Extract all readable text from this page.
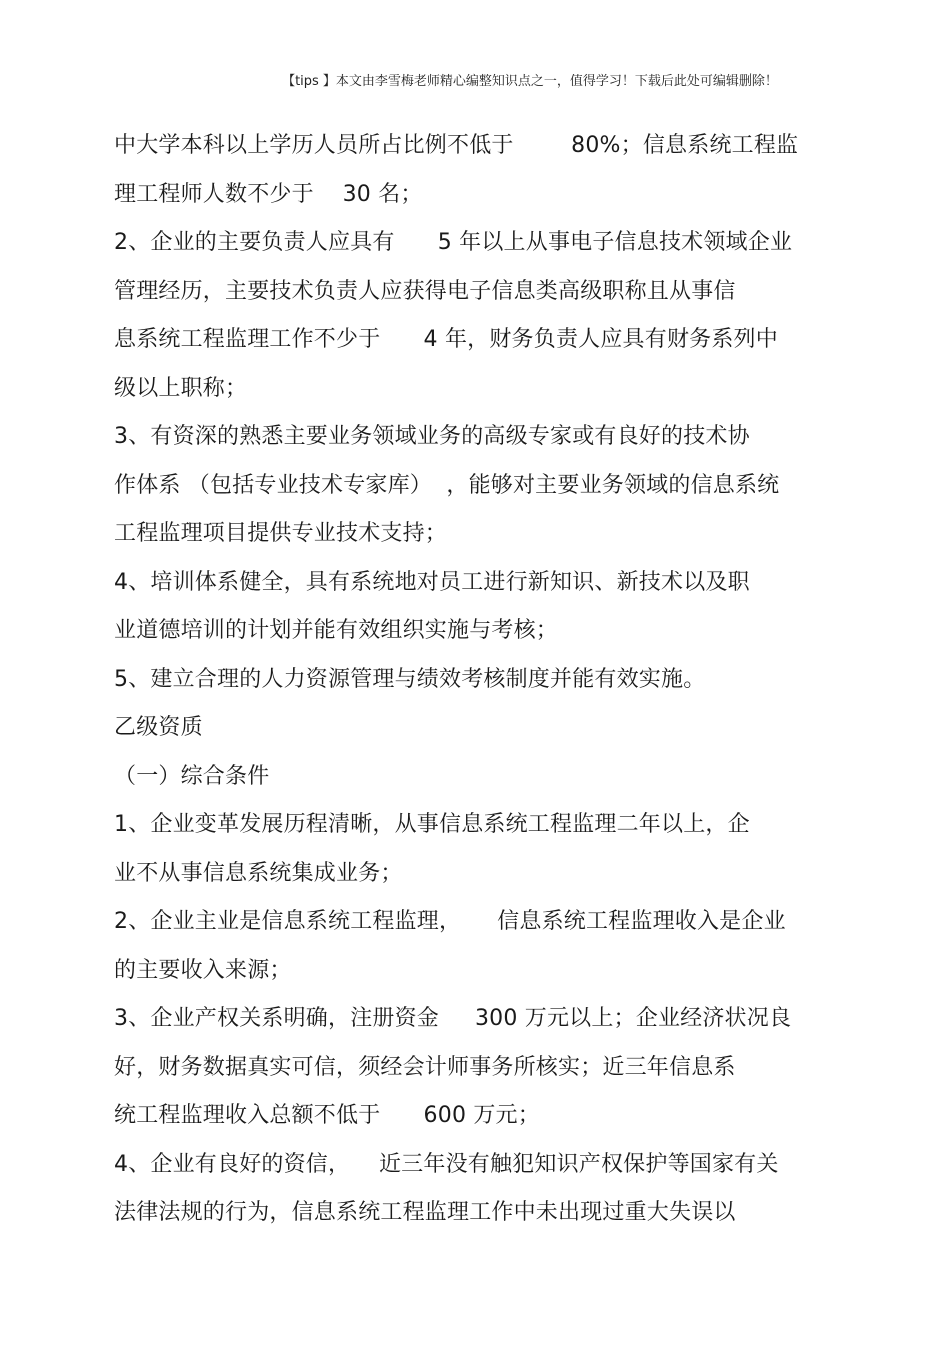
【tips 】本文由李雪梅老师精心编整知识点之一，值得学习！下载后此处可编辑删除！
中大学本科以上学历人员所占比例不低于        80%；信息系统工程监
理工程师人数不少于    30 名；
2、企业的主要负责人应具有      5 年以上从事电子信息技术领域企业
管理经历，主要技术负责人应获得电子信息类高级职称且从事信
息系统工程监理工作不少于      4 年，财务负责人应具有财务系列中
级以上职称；
3、有资深的熟悉主要业务领域业务的高级专家或有良好的技术协
作体系 （包括专业技术专家库）  ，能够对主要业务领域的信息系统
工程监理项目提供专业技术支持；
4、培训体系健全，具有系统地对员工进行新知识、新技术以及职
业道德培训的计划并能有效组织实施与考核；
5、建立合理的人力资源管理与绩效考核制度并能有效实施。
乙级资质
（一）综合条件
1、企业变革发展历程清晰，从事信息系统工程监理二年以上，企
业不从事信息系统集成业务；
2、企业主业是信息系统工程监理，     信息系统工程监理收入是企业
的主要收入来源；
3、企业产权关系明确，注册资金     300 万元以上；企业经济状况良
好，财务数据真实可信，须经会计师事务所核实；近三年信息系
统工程监理收入总额不低于      600 万元；
4、企业有良好的资信，    近三年没有触犯知识产权保护等国家有关
法律法规的行为，信息系统工程监理工作中未出现过重大失误以
